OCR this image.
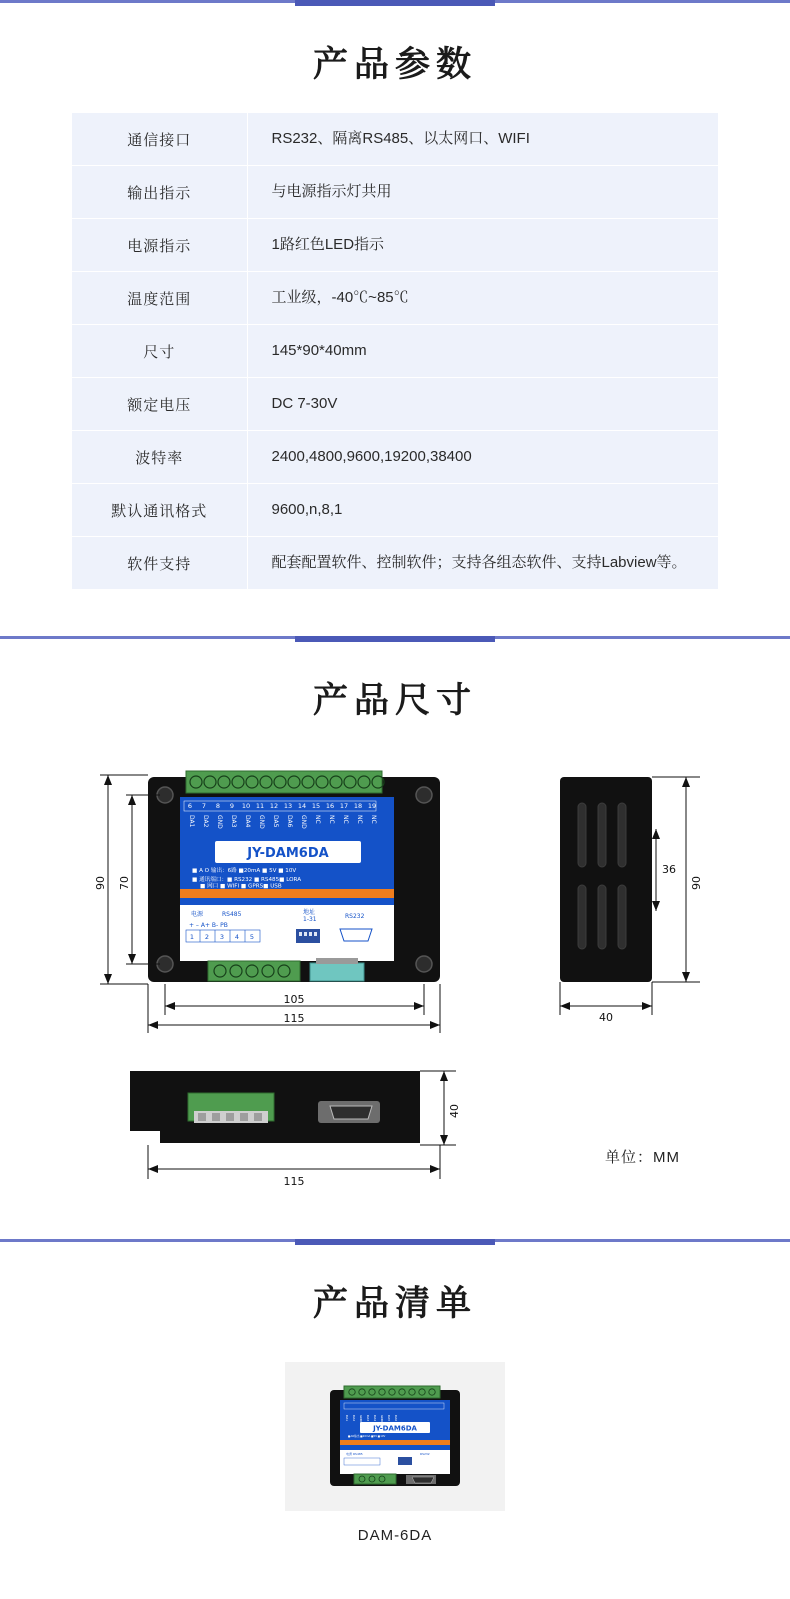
产品参数
通信接口	RS232、隔离RS485、以太网口、WIFI
输出指示	与电源指示灯共用
电源指示	1路红色LED指示
温度范围	工业级，-40℃~85℃
尺寸	145*90*40mm
额定电压	DC 7-30V
波特率	2400,4800,9600,19200,38400
默认通讯格式	9600,n,8,1
软件支持	配套配置软件、控制软件；支持各组态软件、支持Labview等。
产品尺寸
6 7 8 9 10 11 12 13 14 15 16 17 18 19
DA1 DA2 GND DA3 DA4 GND DA5 DA6 GND NC NC NC NC NC
JY-DAM6DA
■ A O 输出：6路 ■20mA ■ 5V ■ 10V
■ 通讯端口：■ RS232 ■ RS485■ LORA
■ 网口 ■ WIFI ■ GPRS■ USB
电源	RS485	地址
1-31	RS232
+ – A+ B- PB
1 2 3 4 5
90 70
105
115
36
90
40
40
115
单位：MM
产品清单
DA1 DA2 GND DA3 DA4 GND DA5 DA6
JY-DAM6DA
■AO输出 ■20mA ■5V ■10V
电源 RS485	RS232
DAM-6DA
